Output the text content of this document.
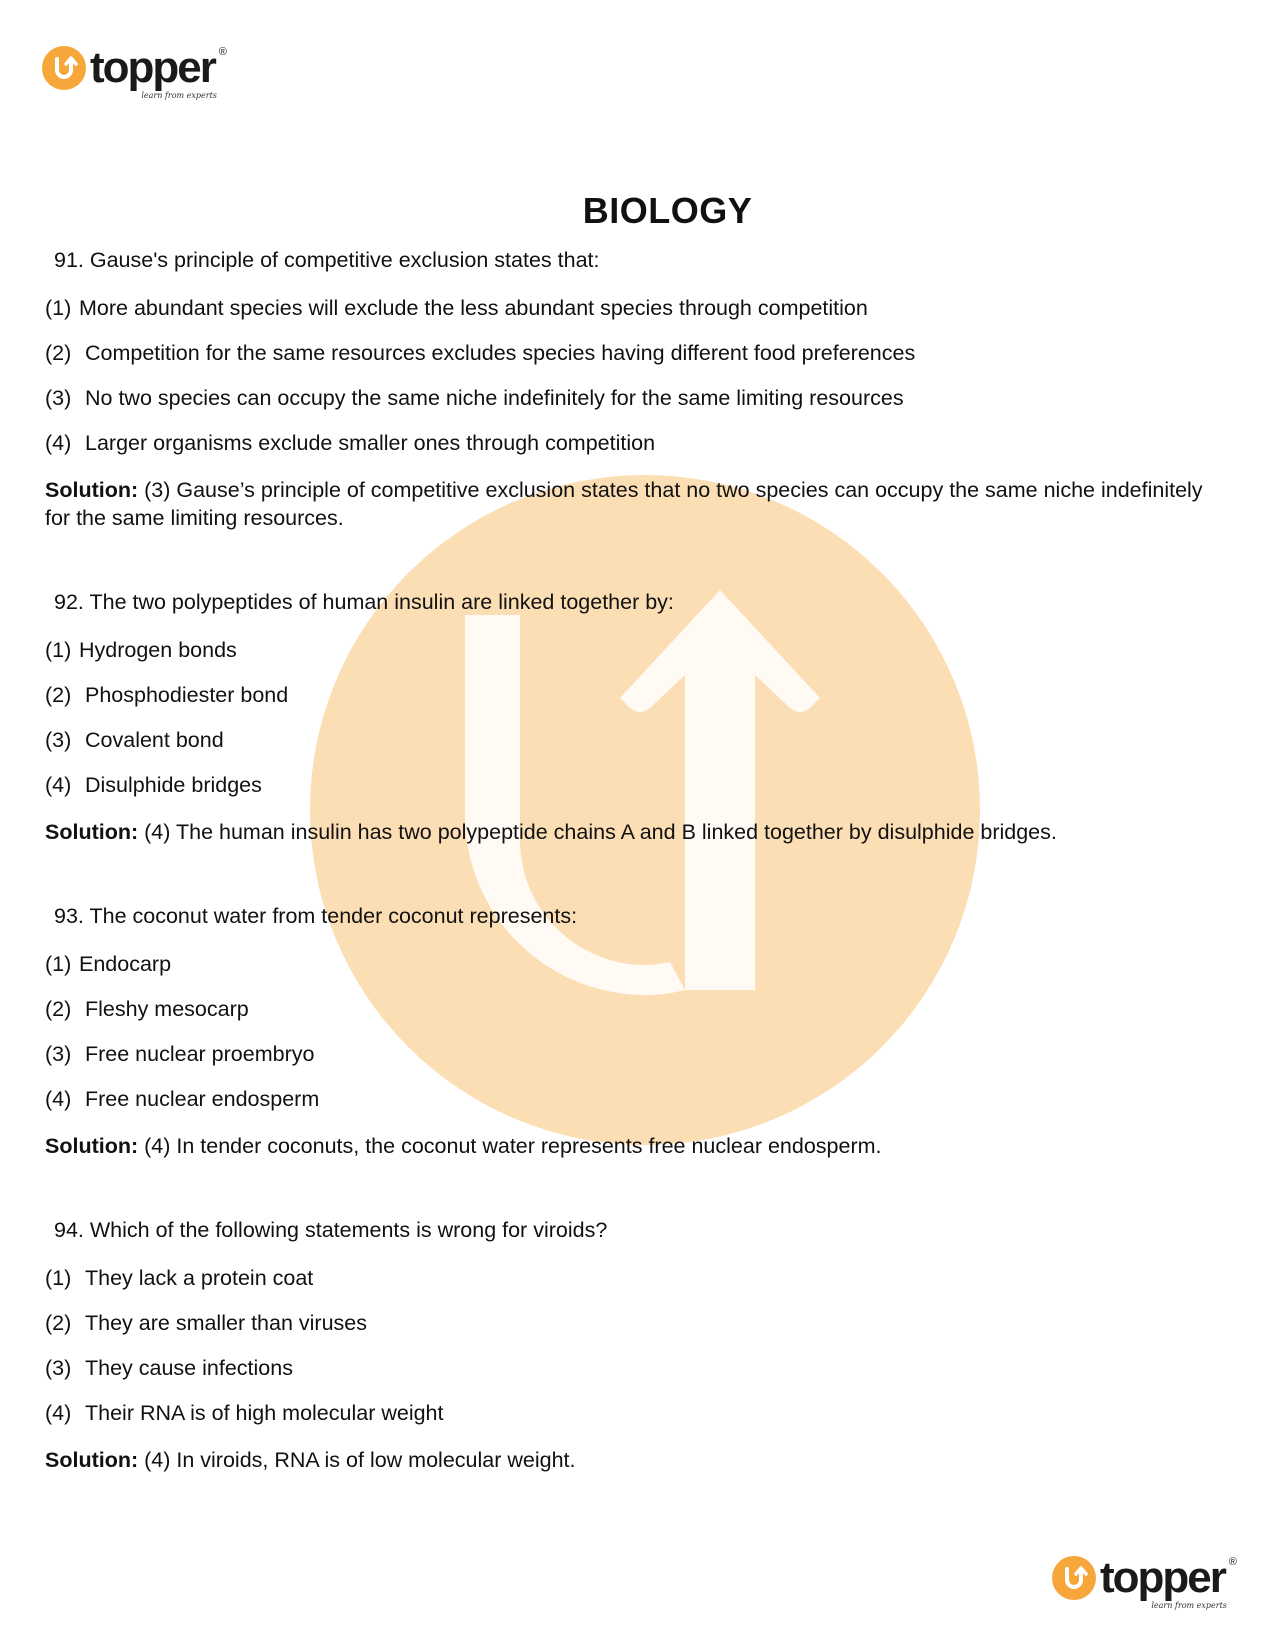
topper ®
learn from experts
BIOLOGY

91. Gause's principle of competitive exclusion states that:

(1) More abundant species will exclude the less abundant species through competition

(2) Competition for the same resources excludes species having different food preferences

(3) No two species can occupy the same niche indefinitely for the same limiting resources

(4) Larger organisms exclude smaller ones through competition

Solution: (3) Gause’s principle of competitive exclusion states that no two species can occupy the same niche indefinitely for the same limiting resources.

92. The two polypeptides of human insulin are linked together by:

(1) Hydrogen bonds

(2) Phosphodiester bond

(3) Covalent bond

(4) Disulphide bridges

Solution: (4) The human insulin has two polypeptide chains A and B linked together by disulphide bridges.

93. The coconut water from tender coconut represents:

(1) Endocarp

(2) Fleshy mesocarp

(3) Free nuclear proembryo

(4) Free nuclear endosperm

Solution: (4) In tender coconuts, the coconut water represents free nuclear endosperm.

94. Which of the following statements is wrong for viroids?

(1) They lack a protein coat

(2) They are smaller than viruses

(3) They cause infections

(4) Their RNA is of high molecular weight

Solution: (4) In viroids, RNA is of low molecular weight.

topper ®
learn from experts
